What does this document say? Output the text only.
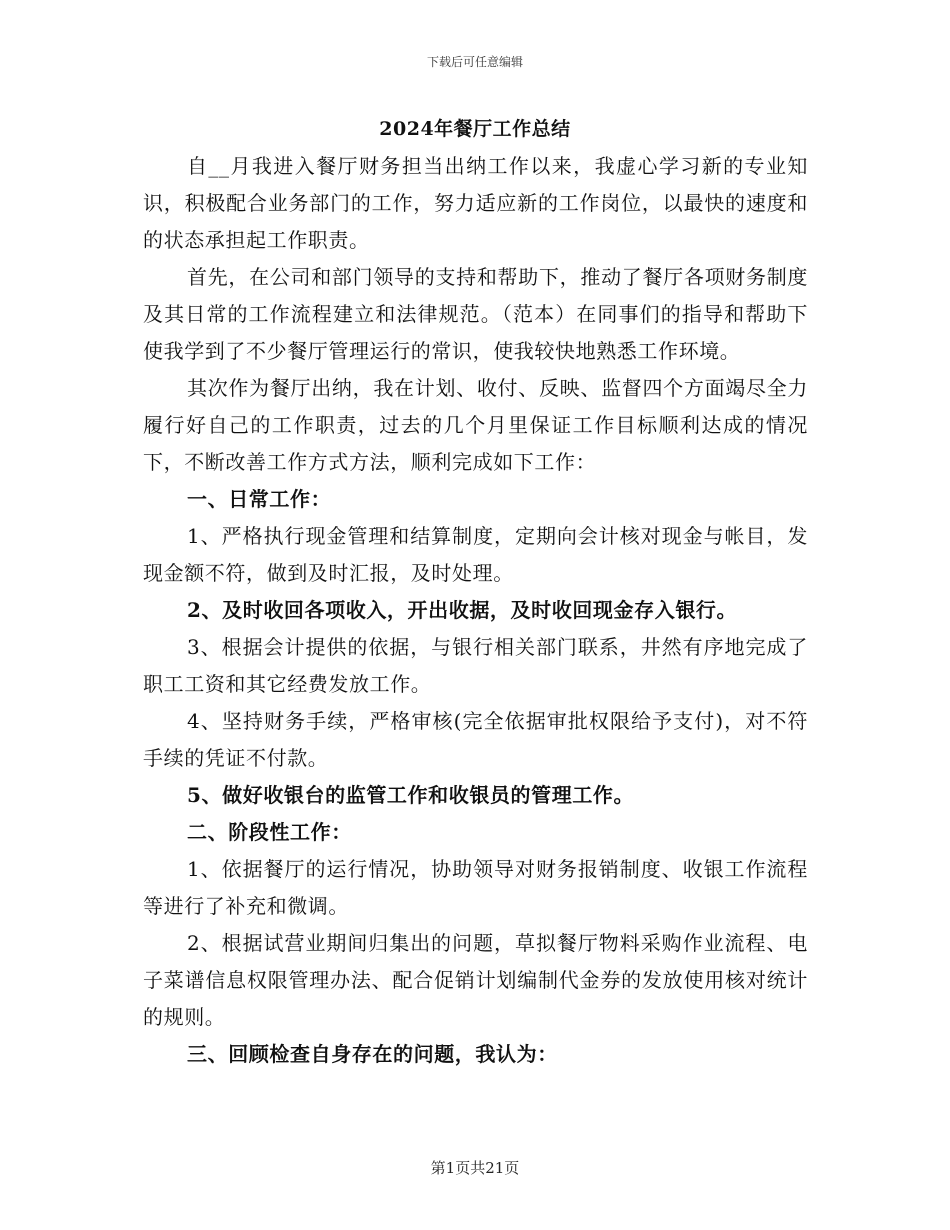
下载后可任意编辑
2024年餐厅工作总结

自__月我进入餐厅财务担当出纳工作以来，我虚心学习新的专业知识，积极配合业务部门的工作，努力适应新的工作岗位，以最快的速度和的状态承担起工作职责。

首先，在公司和部门领导的支持和帮助下，推动了餐厅各项财务制度及其日常的工作流程建立和法律规范。（范本）在同事们的指导和帮助下使我学到了不少餐厅管理运行的常识，使我较快地熟悉工作环境。

其次作为餐厅出纳，我在计划、收付、反映、监督四个方面竭尽全力履行好自己的工作职责，过去的几个月里保证工作目标顺利达成的情况下，不断改善工作方式方法，顺利完成如下工作：

一、日常工作：

1、严格执行现金管理和结算制度，定期向会计核对现金与帐目，发现金额不符，做到及时汇报，及时处理。

2、及时收回各项收入，开出收据，及时收回现金存入银行。

3、根据会计提供的依据，与银行相关部门联系，井然有序地完成了职工工资和其它经费发放工作。

4、坚持财务手续，严格审核(完全依据审批权限给予支付)，对不符手续的凭证不付款。

5、做好收银台的监管工作和收银员的管理工作。

二、阶段性工作：

1、依据餐厅的运行情况，协助领导对财务报销制度、收银工作流程等进行了补充和微调。

2、根据试营业期间归集出的问题，草拟餐厅物料采购作业流程、电子菜谱信息权限管理办法、配合促销计划编制代金券的发放使用核对统计的规则。

三、回顾检查自身存在的问题，我认为：

第1页共21页
